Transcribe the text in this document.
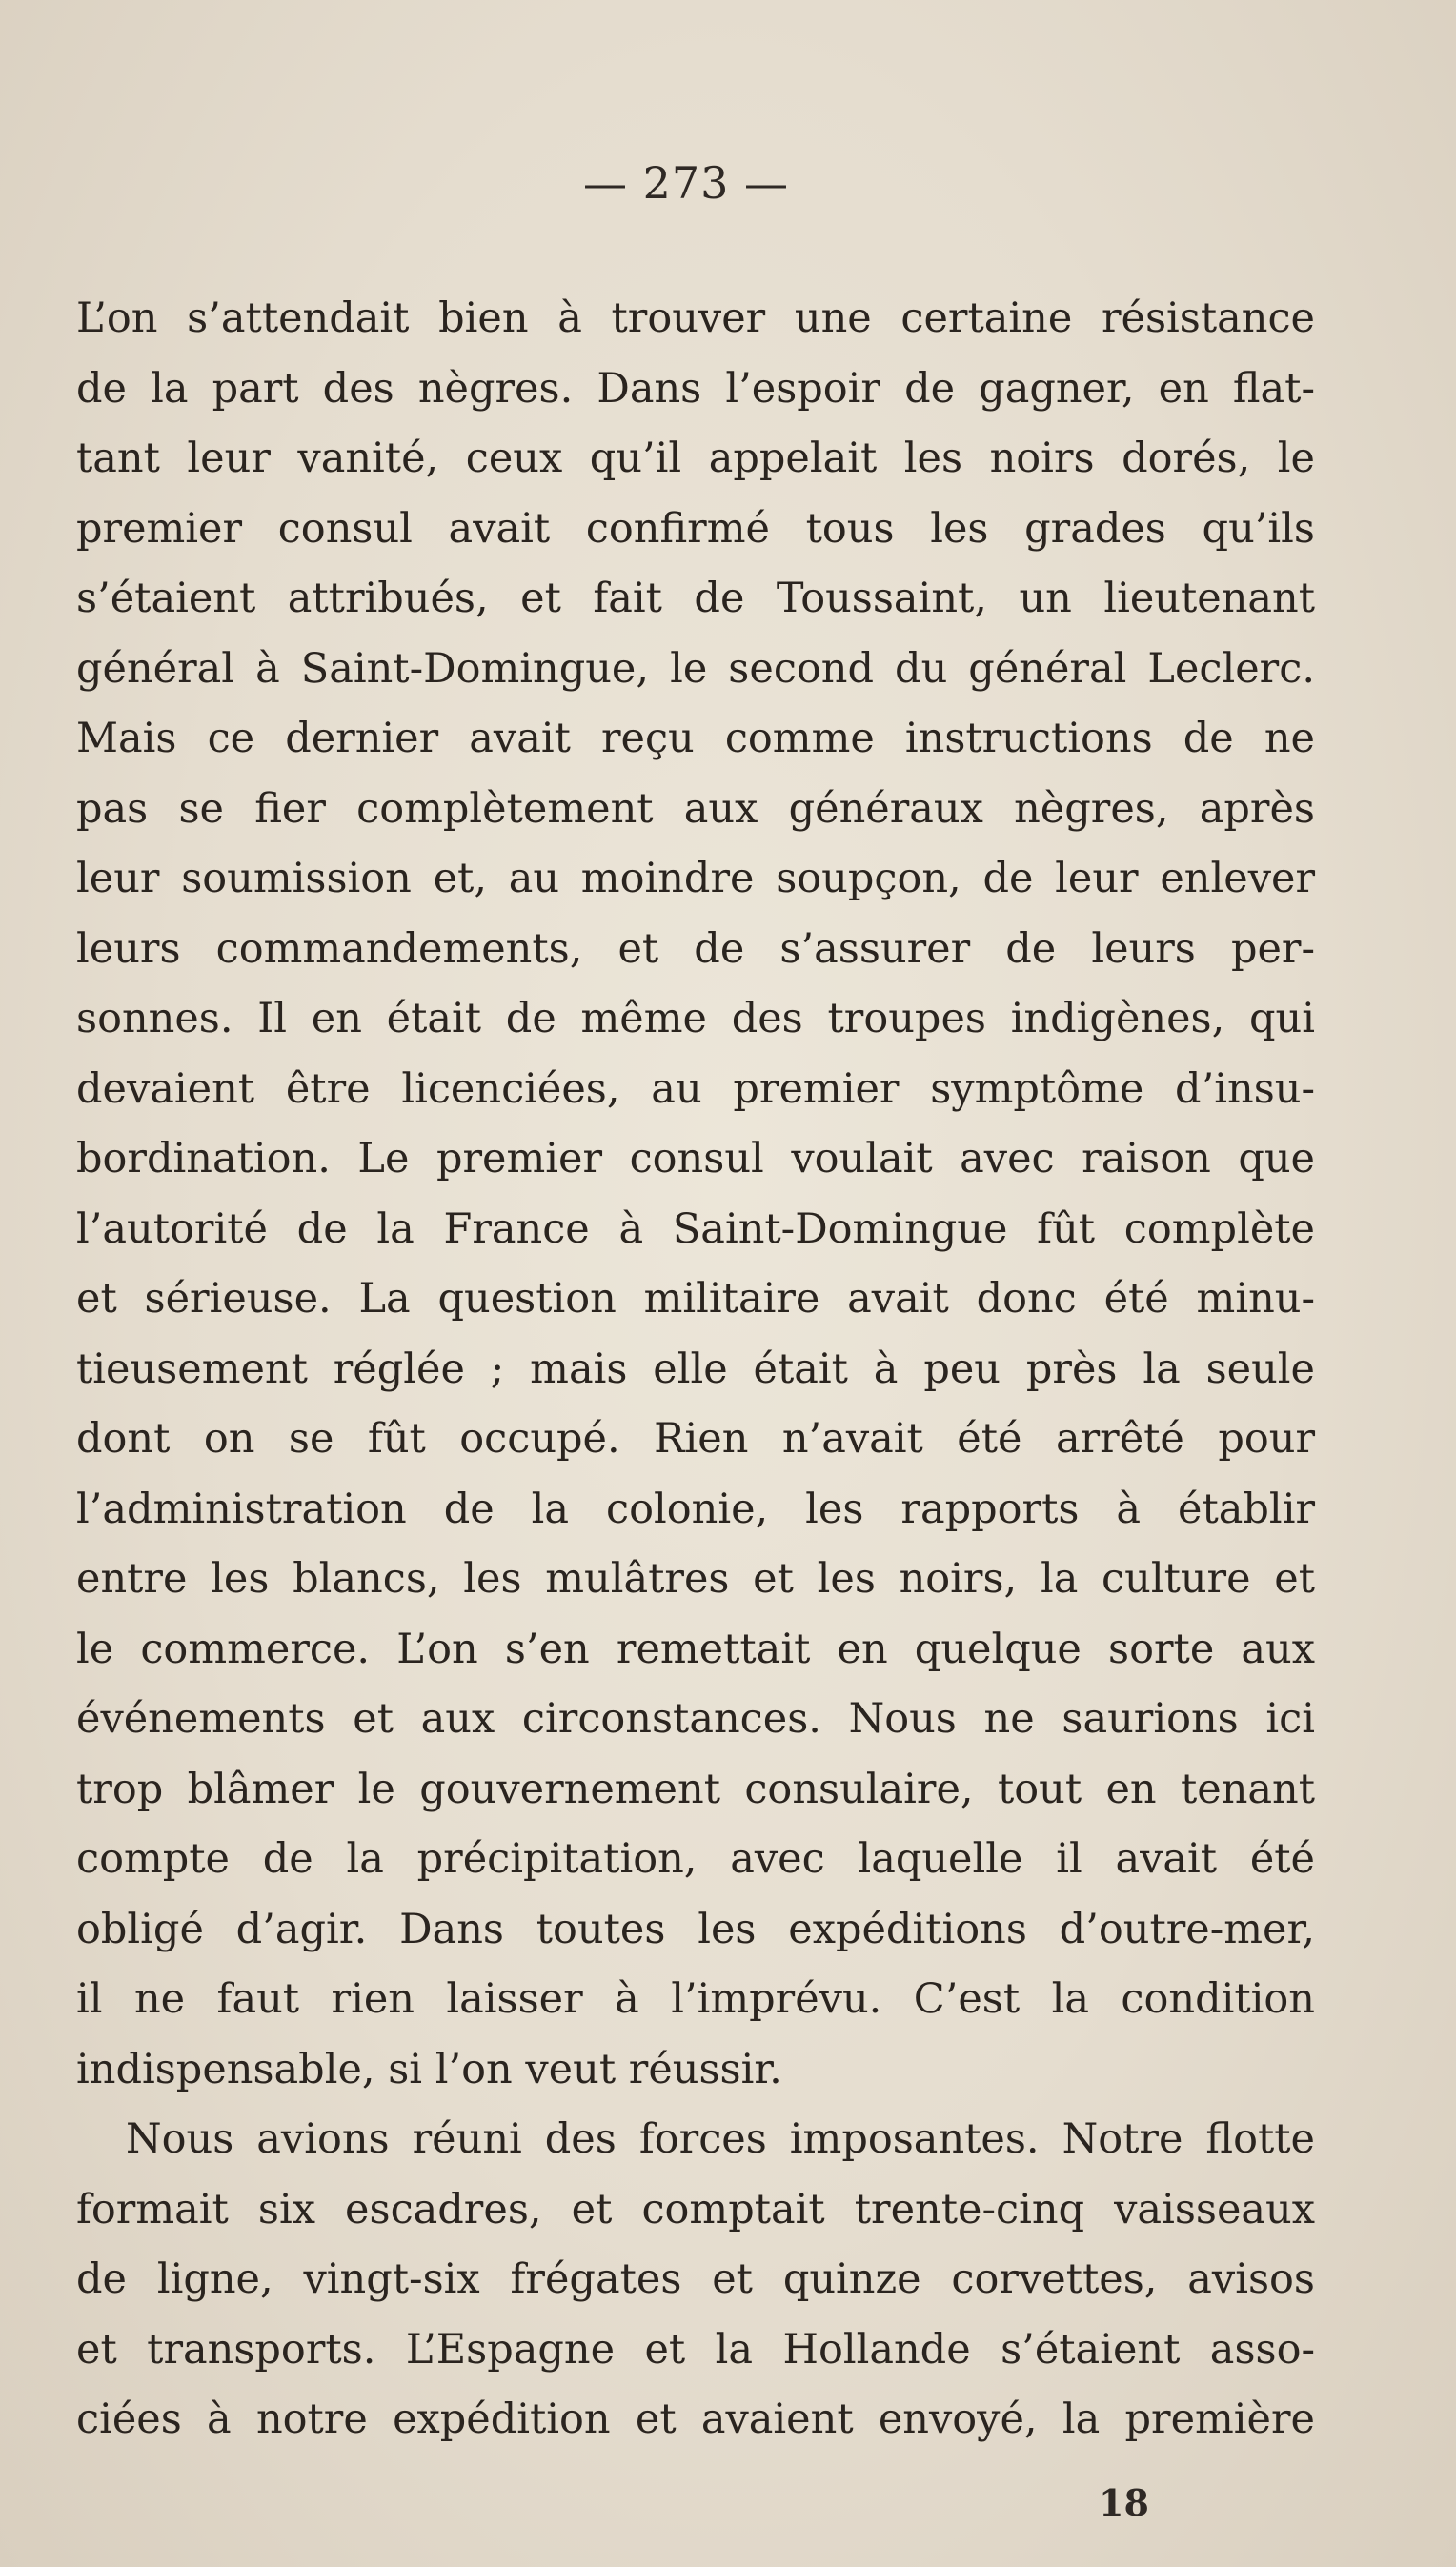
— 273 —
L’on s’attendait bien à trouver une certaine résistance
de la part des nègres. Dans l’espoir de gagner, en flat-
tant leur vanité, ceux qu’il appelait les noirs dorés, le
premier consul avait confirmé tous les grades qu’ils
s’étaient attribués, et fait de Toussaint, un lieutenant
général à Saint-Domingue, le second du général Leclerc.
Mais ce dernier avait reçu comme instructions de ne
pas se fier complètement aux généraux nègres, après
leur soumission et, au moindre soupçon, de leur enlever
leurs commandements, et de s’assurer de leurs per-
sonnes. Il en était de même des troupes indigènes, qui
devaient être licenciées, au premier symptôme d’insu-
bordination. Le premier consul voulait avec raison que
l’autorité de la France à Saint-Domingue fût complète
et sérieuse. La question militaire avait donc été minu-
tieusement réglée ; mais elle était à peu près la seule
dont on se fût occupé. Rien n’avait été arrêté pour
l’administration de la colonie, les rapports à établir
entre les blancs, les mulâtres et les noirs, la culture et
le commerce. L’on s’en remettait en quelque sorte aux
événements et aux circonstances. Nous ne saurions ici
trop blâmer le gouvernement consulaire, tout en tenant
compte de la précipitation, avec laquelle il avait été
obligé d’agir. Dans toutes les expéditions d’outre-mer,
il ne faut rien laisser à l’imprévu. C’est la condition
indispensable, si l’on veut réussir.
Nous avions réuni des forces imposantes. Notre flotte
formait six escadres, et comptait trente-cinq vaisseaux
de ligne, vingt-six frégates et quinze corvettes, avisos
et transports. L’Espagne et la Hollande s’étaient asso-
ciées à notre expédition et avaient envoyé, la première
18
